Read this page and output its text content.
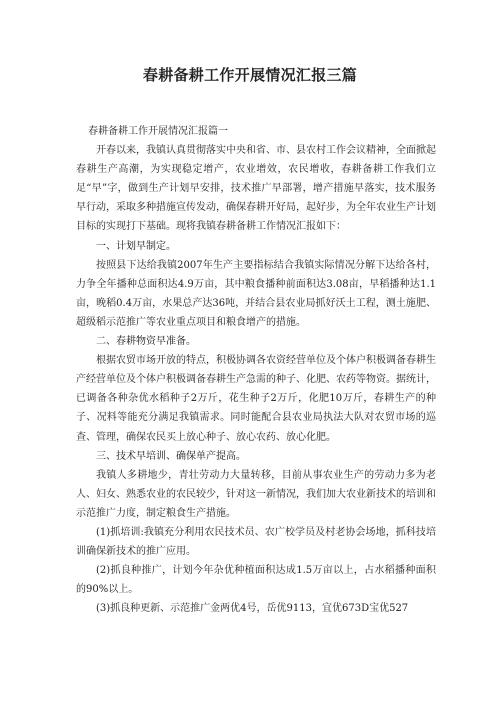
春耕备耕工作开展情况汇报三篇

春耕备耕工作开展情况汇报篇一

开春以来，我镇认真贯彻落实中央和省、市、县农村工作会议精神，全面掀起春耕生产高潮，为实现稳定增产，农业增效，农民增收，春耕备耕工作我们立足“早”字，做到生产计划早安排，技术推广早部署，增产措施早落实，技术服务早行动，采取多种措施宣传发动，确保春耕开好局，起好步，为全年农业生产计划目标的实现打下基础。现将我镇春耕备耕工作情况汇报如下：

一、计划早制定。

按照县下达给我镇2007年生产主要指标结合我镇实际情况分解下达给各村，力争全年播种总面积达4.9万亩，其中粮食播种前面积达3.08亩，早稻播种达1.1亩，晚稻0.4万亩，水果总产达36吨，并结合县农业局抓好沃土工程，测土施肥、超级稻示范推广等农业重点项目和粮食增产的措施。

二、春耕物资早准备。

根据农贸市场开放的特点，积极协调各农资经营单位及个体户积极调备春耕生产经营单位及个体户积极调备春耕生产急需的种子、化肥、农药等物资。据统计，已调备各种杂优水稻种子2万斤，花生种子2万斤，化肥10万斤，春耕生产的种子、况料等能充分满足我镇需求。同时能配合县农业局执法大队对农贸市场的巡查、管理，确保农民买上放心种子、放心农药、放心化肥。

三、技术早培训、确保单产提高。

我镇人多耕地少，青壮劳动力大量转移，目前从事农业生产的劳动力多为老人、妇女、熟悉农业的农民较少，针对这一新情况，我们加大农业新技术的培训和示范推广力度，制定粮食生产措施。

(1)抓培训:我镇充分利用农民技术员、农广校学员及村老协会场地，抓科技培训确保新技术的推广应用。

(2)抓良种推广，计划今年杂优种植面积达成1.5万亩以上，占水稻播种面积的90%以上。

(3)抓良种更新、示范推广金两优4号，岳优9113，宜优673D宝优527
